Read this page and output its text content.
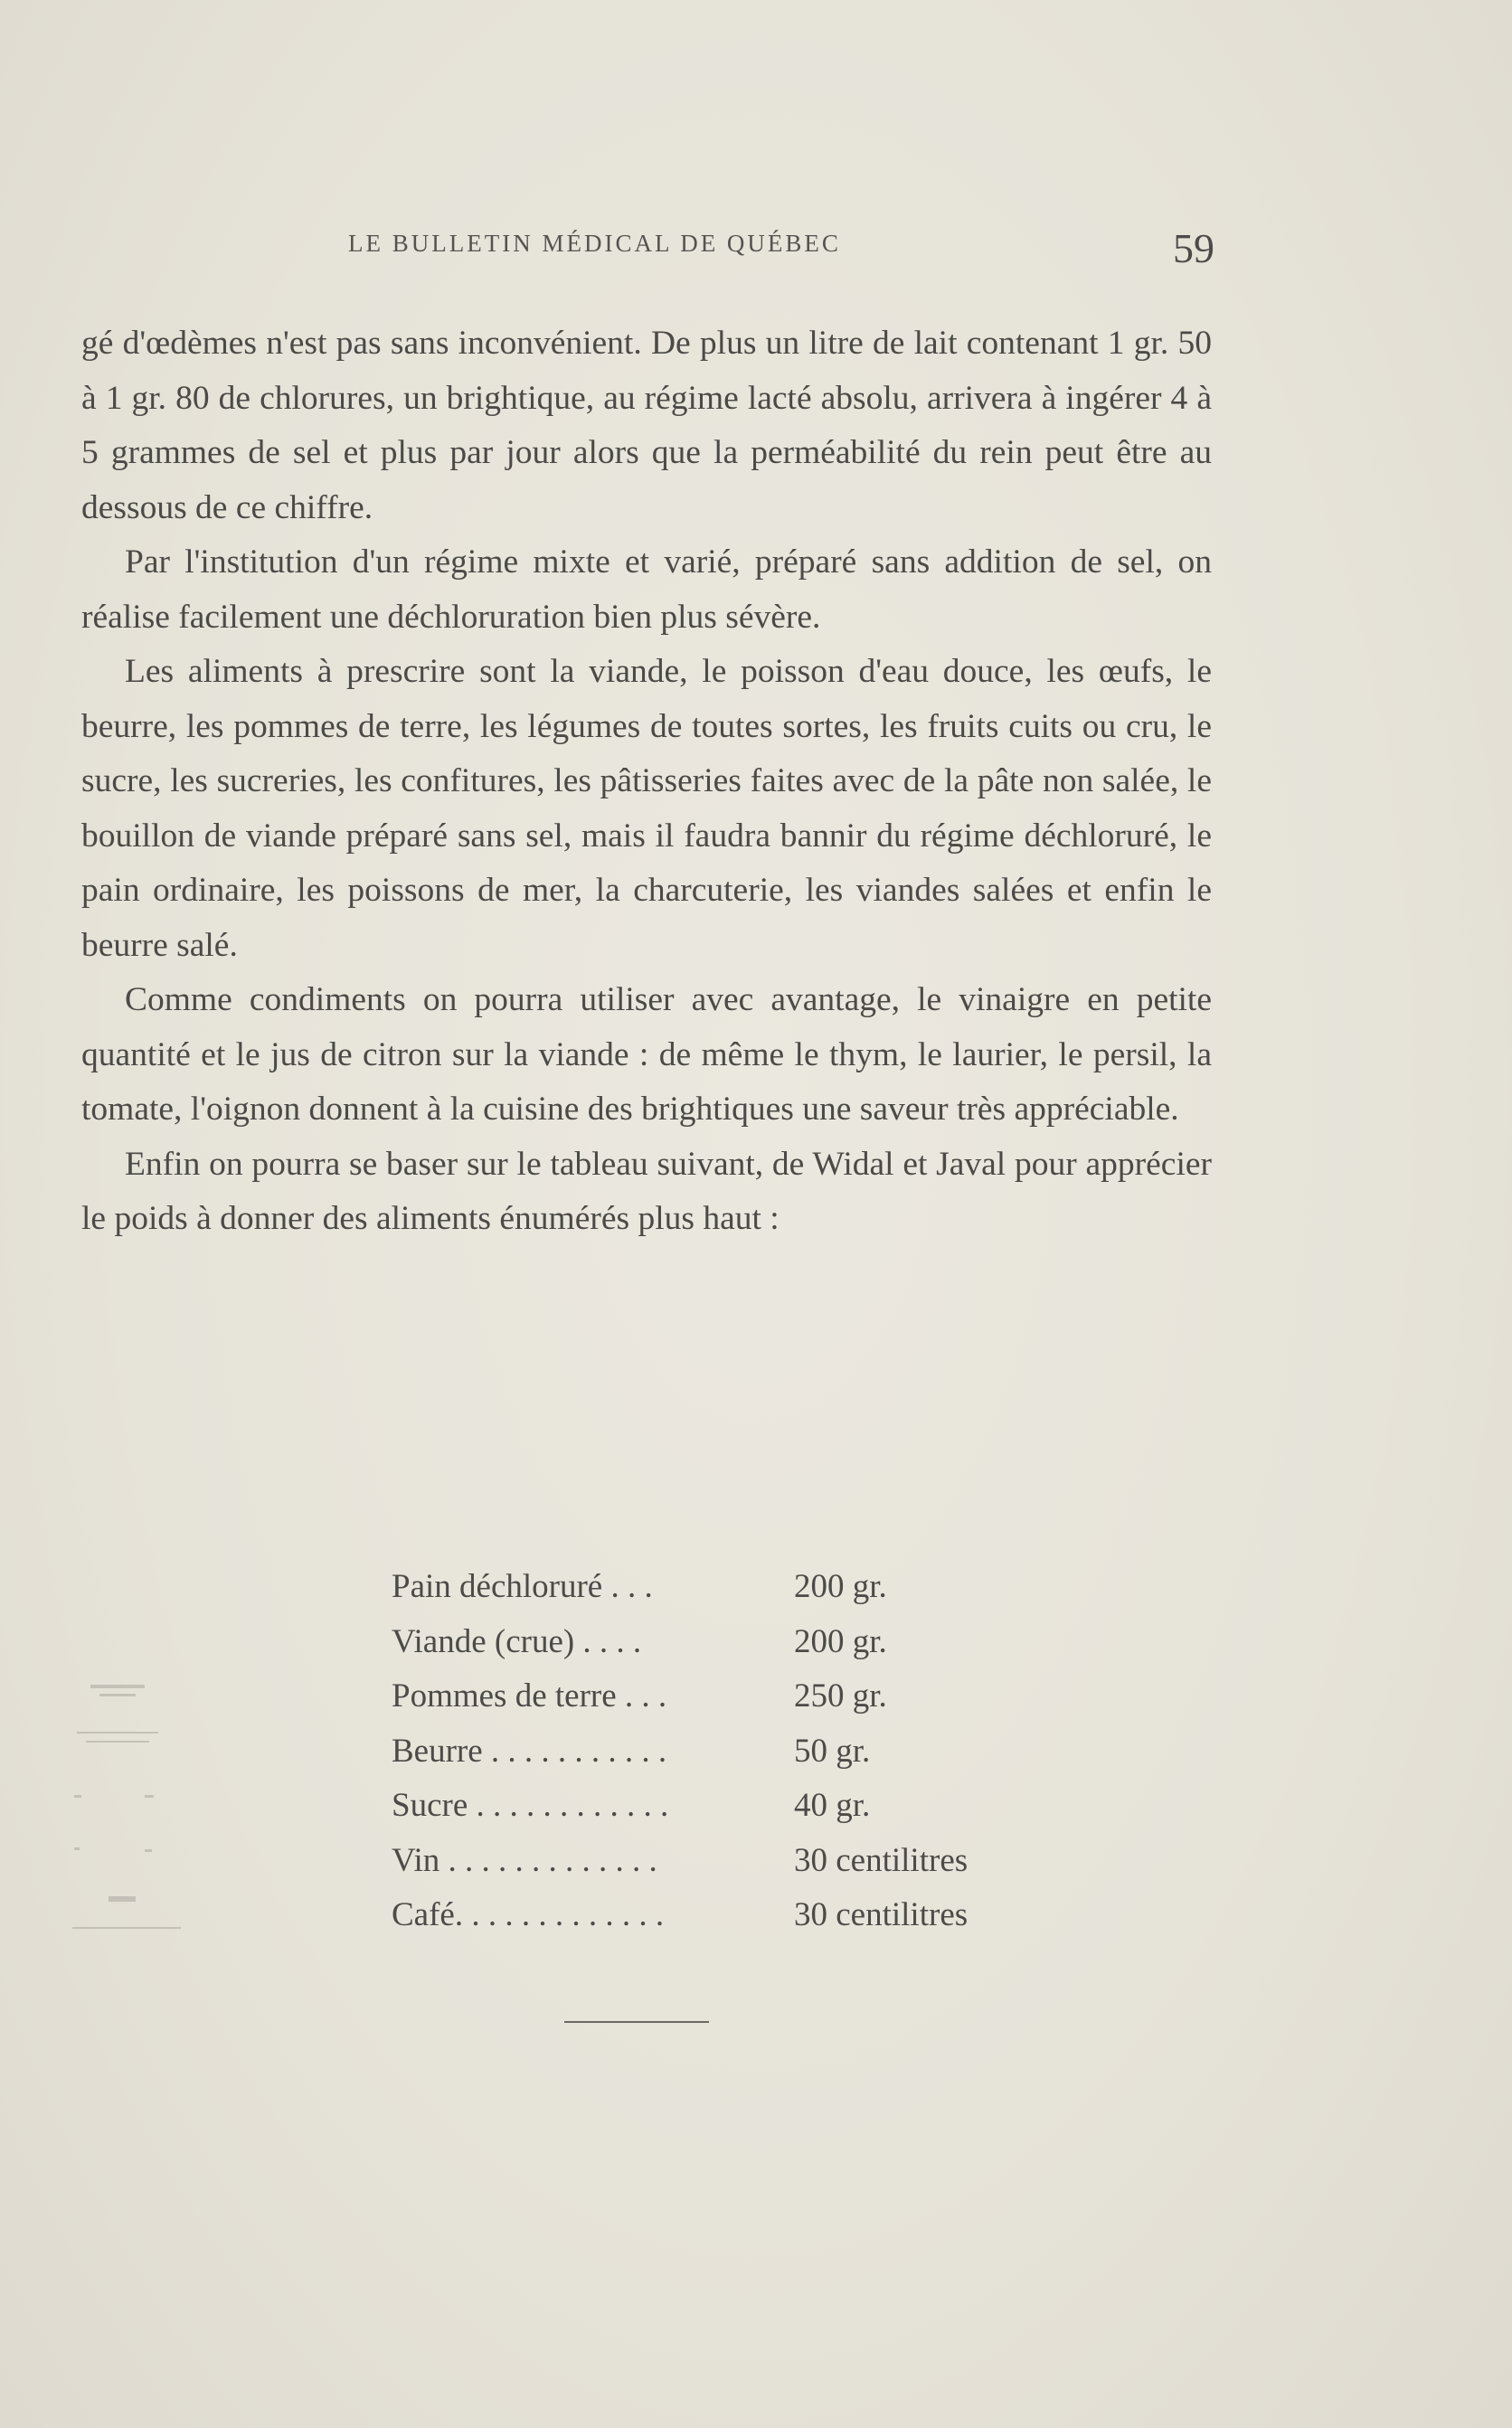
LE BULLETIN MÉDICAL DE QUÉBEC	59

gé d'œdèmes n'est pas sans inconvénient. De plus un litre de lait contenant 1 gr. 50 à 1 gr. 80 de chlorures, un brightique, au régime lacté absolu, arrivera à ingérer 4 à 5 grammes de sel et plus par jour alors que la perméabilité du rein peut être au dessous de ce chiffre.

Par l'institution d'un régime mixte et varié, préparé sans addition de sel, on réalise facilement une déchloruration bien plus sévère.

Les aliments à prescrire sont la viande, le poisson d'eau douce, les œufs, le beurre, les pommes de terre, les légumes de toutes sortes, les fruits cuits ou cru, le sucre, les sucreries, les confitures, les pâtisseries faites avec de la pâte non salée, le bouillon de viande préparé sans sel, mais il faudra bannir du régime déchloruré, le pain ordinaire, les poissons de mer, la charcuterie, les viandes salées et enfin le beurre salé.

Comme condiments on pourra utiliser avec avantage, le vinaigre en petite quantité et le jus de citron sur la viande : de même le thym, le laurier, le persil, la tomate, l'oignon donnent à la cuisine des brightiques une saveur très appréciable.

Enfin on pourra se baser sur le tableau suivant, de Widal et Javal pour apprécier le poids à donner des aliments énumérés plus haut :

Pain déchloruré . . .	200 gr.
Viande (crue) . . . .	200 gr.
Pommes de terre . . .	250 gr.
Beurre . . . . . . . . . . .	50 gr.
Sucre . . . . . . . . . . . .	40 gr.
Vin . . . . . . . . . . . . .	30 centilitres
Café. . . . . . . . . . . . .	30 centilitres
